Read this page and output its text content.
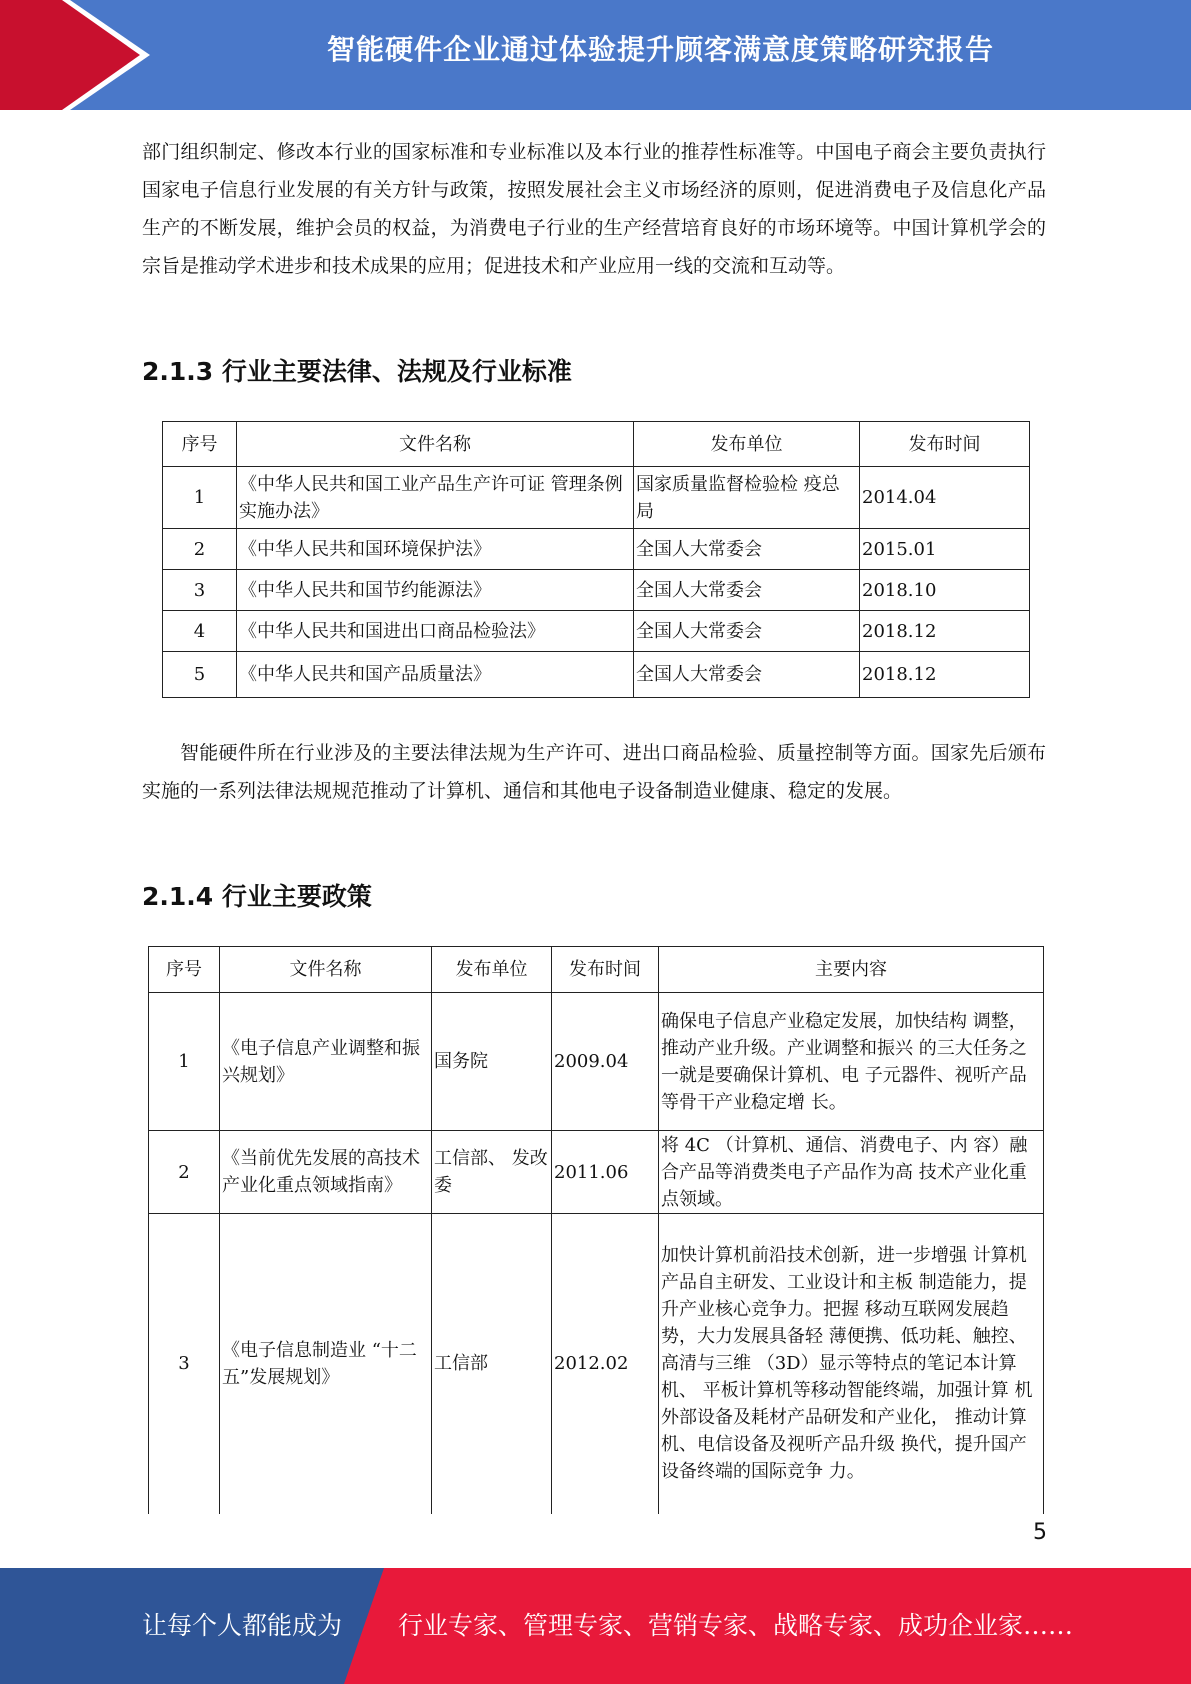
智能硬件企业通过体验提升顾客满意度策略研究报告

部门组织制定、修改本行业的国家标准和专业标准以及本行业的推荐性标准等。中国电子商会主要负责执行国家电子信息行业发展的有关方针与政策，按照发展社会主义市场经济的原则，促进消费电子及信息化产品生产的不断发展，维护会员的权益，为消费电子行业的生产经营培育良好的市场环境等。中国计算机学会的宗旨是推动学术进步和技术成果的应用；促进技术和产业应用一线的交流和互动等。

2.1.3 行业主要法律、法规及行业标准
序号	文件名称	发布单位	发布时间
1	《中华人民共和国工业产品生产许可证 管理条例实施办法》	国家质量监督检验检 疫总局	2014.04
2	《中华人民共和国环境保护法》	全国人大常委会	2015.01
3	《中华人民共和国节约能源法》	全国人大常委会	2018.10
4	《中华人民共和国进出口商品检验法》	全国人大常委会	2018.12
5	《中华人民共和国产品质量法》	全国人大常委会	2018.12

智能硬件所在行业涉及的主要法律法规为生产许可、进出口商品检验、质量控制等方面。国家先后颁布实施的一系列法律法规规范推动了计算机、通信和其他电子设备制造业健康、稳定的发展。

2.1.4 行业主要政策
序号	文件名称	发布单位	发布时间	主要内容
1	《电子信息产业调整和振兴规划》	国务院	2009.04	确保电子信息产业稳定发展，加快结构 调整，推动产业升级。产业调整和振兴 的三大任务之一就是要确保计算机、电 子元器件、视听产品等骨干产业稳定增 长。
2	《当前优先发展的高技术产业化重点领域指南》	工信部、 发改委	2011.06	将 4C （计算机、通信、消费电子、内 容）融合产品等消费类电子产品作为高 技术产业化重点领域。
3	《电子信息制造业 “十二五”发展规划》	工信部	2012.02	加快计算机前沿技术创新，进一步增强 计算机产品自主研发、工业设计和主板 制造能力，提升产业核心竞争力。把握 移动互联网发展趋势，大力发展具备轻 薄便携、低功耗、触控、高清与三维 （3D）显示等特点的笔记本计算机、 平板计算机等移动智能终端，加强计算 机外部设备及耗材产品研发和产业化， 推动计算机、电信设备及视听产品升级 换代，提升国产设备终端的国际竞争 力。
5
让每个人都能成为 行业专家、管理专家、营销专家、战略专家、成功企业家……
